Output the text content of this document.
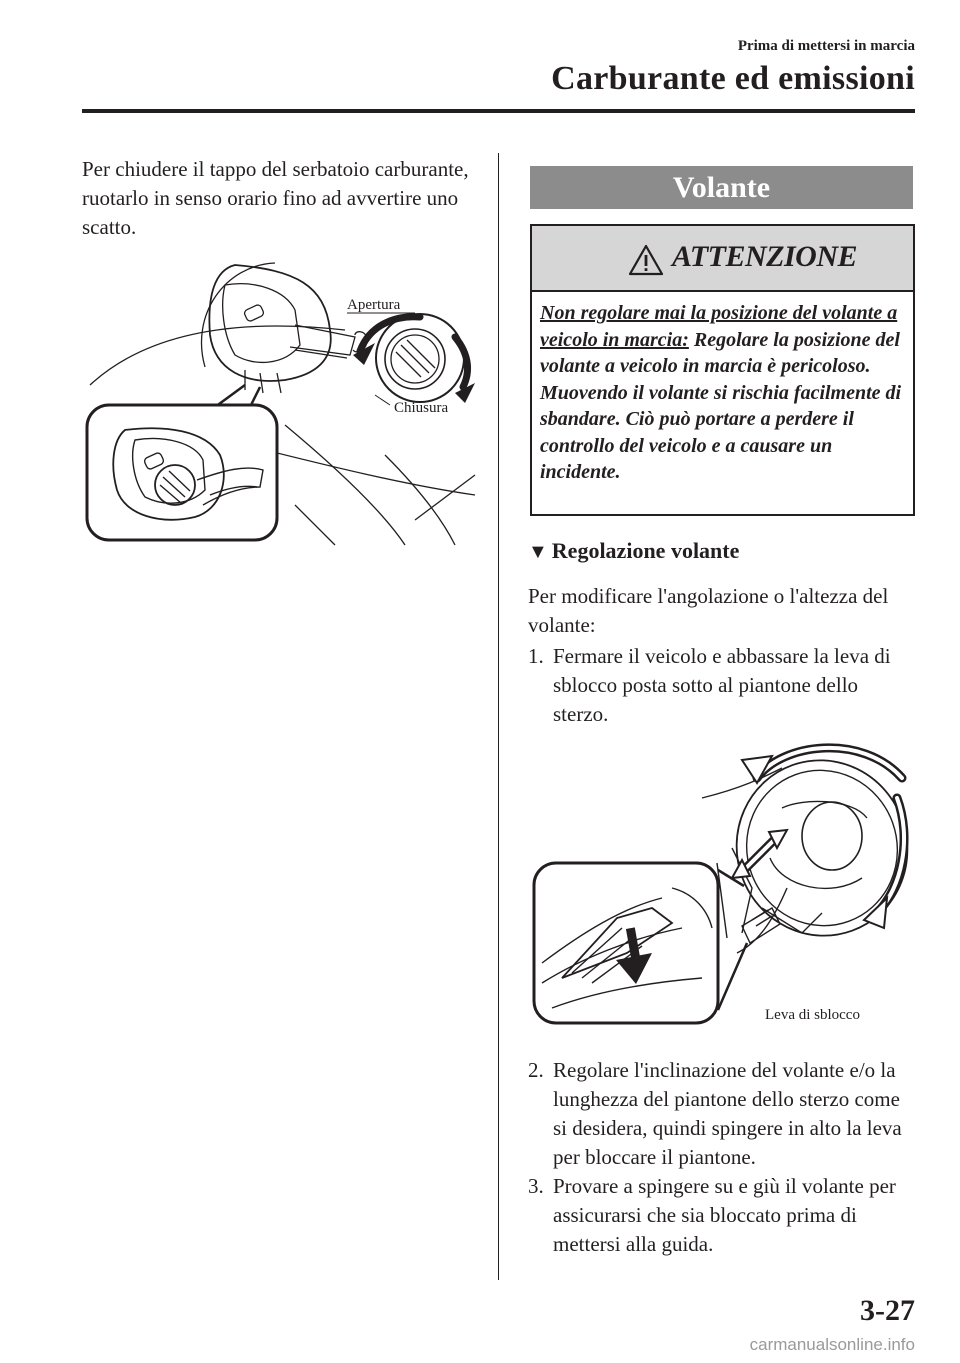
Prima di mettersi in marcia
Carburante ed emissioni
Per chiudere il tappo del serbatoio carburante, ruotarlo in senso orario fino ad avvertire uno scatto.
Apertura
Chiusura
Volante
ATTENZIONE
Non regolare mai la posizione del volante a veicolo in marcia: Regolare la posizione del volante a veicolo in marcia è pericoloso. Muovendo il volante si rischia facilmente di sbandare. Ciò può portare a perdere il controllo del veicolo e a causare un incidente.
▼ Regolazione volante
Per modificare l'angolazione o l'altezza del volante:
1. Fermare il veicolo e abbassare la leva di sblocco posta sotto al piantone dello sterzo.
Leva di sblocco
2. Regolare l'inclinazione del volante e/o la lunghezza del piantone dello sterzo come si desidera, quindi spingere in alto la leva per bloccare il piantone.
3. Provare a spingere su e giù il volante per assicurarsi che sia bloccato prima di mettersi alla guida.
3-27
carmanualsonline.info
